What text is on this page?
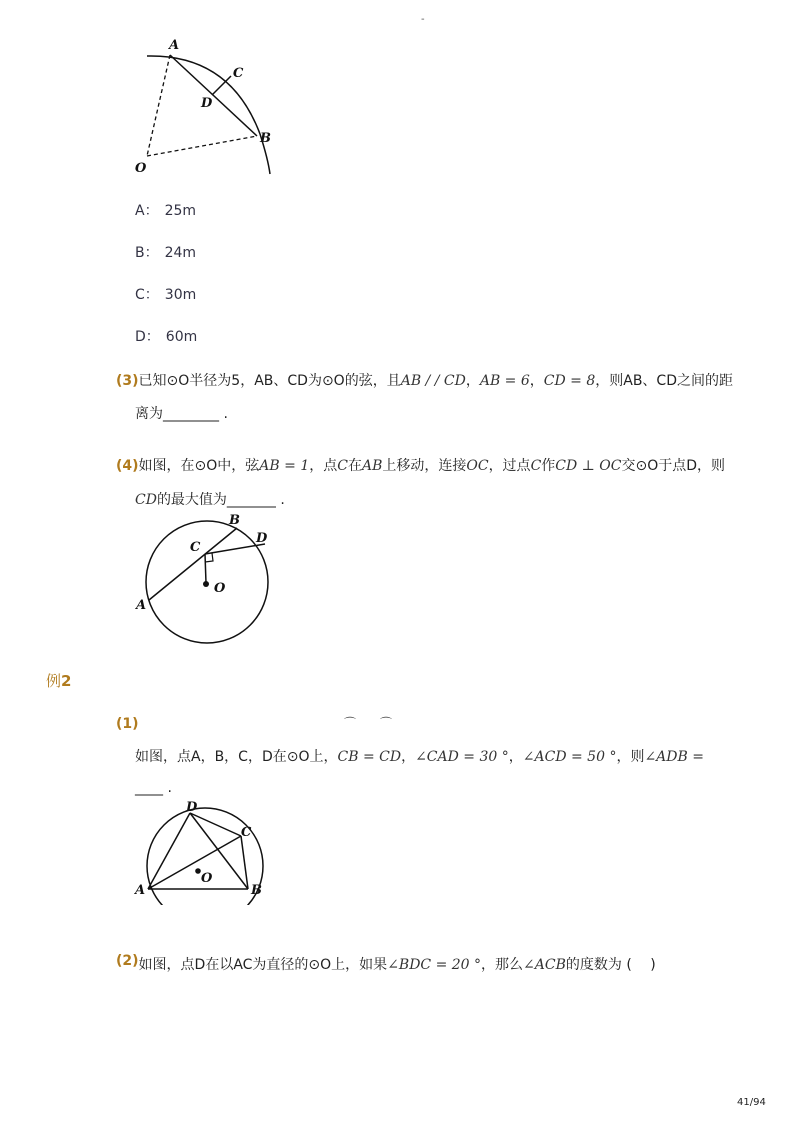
-
A
C
D
B
O
A： 25m
B： 24m
C： 30m
D： 60m
(3)已知⊙O半径为5，AB、CD为⊙O的弦，且AB / / CD，AB = 6，CD = 8，则AB、CD之间的距
离为________ .
(4)如图，在⊙O中，弦AB = 1，点C在AB上移动，连接OC，过点C作CD ⊥ OC交⊙O于点D，则
CD的最大值为_______ .
B
D
C
O
A
例2
(1)	⌒ ⌒
如图，点A，B，C，D在⊙O上，CB = CD，∠CAD = 30 °，∠ACD = 50 °，则∠ADB =
____ .
D
C
O
A	B
(2)如图，点D在以AC为直径的⊙O上，如果∠BDC = 20 °，那么∠ACB的度数为 (　 )
41/94
